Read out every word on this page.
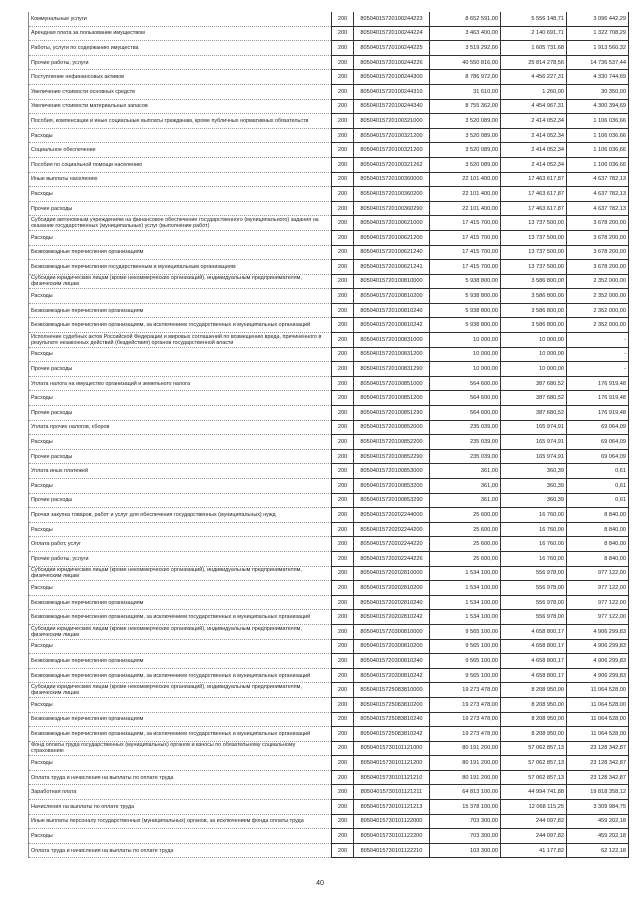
Коммунальные услуги	200	80504015720100244223	8 652 591,00	5 556 148,71	3 096 442,29
Арендная плата за пользование имуществом	200	80504015720100244224	3 463 400,00	2 140 691,71	1 322 708,29
Работы, услуги по содержанию имущества	200	80504015720100244225	3 519 292,00	1 605 731,68	1 913 560,32
Прочие работы, услуги	200	80504015720100244226	40 550 816,00	25 814 278,56	14 736 537,44
Поступление нефинансовых активов	200	80504015720100244300	8 786 972,00	4 456 227,31	4 330 744,69
Увеличение стоимости основных средств	200	80504015720100244310	31 610,00	1 260,00	30 350,00
Увеличение стоимости материальных запасов	200	80504015720100244340	8 755 362,00	4 454 967,31	4 300 394,69
Пособия, компенсации и иные социальные выплаты гражданам, кроме публичных нормативных обязательств	200	80504015720100321000	3 520 089,00	2 414 052,34	1 106 036,66
Расходы	200	80504015720100321200	3 520 089,00	2 414 052,34	1 106 036,66
Социальное обеспечение	200	80504015720100321260	3 520 089,00	2 414 052,34	1 106 036,66
Пособия по социальной помощи населению	200	80504015720100321262	3 520 089,00	2 414 052,34	1 106 036,66
Иные выплаты населению	200	80504015720100360000	22 101 400,00	17 463 617,87	4 637 782,13
Расходы	200	80504015720100360200	22 101 400,00	17 463 617,87	4 637 782,13
Прочие расходы	200	80504015720100360290	22 101 400,00	17 463 617,87	4 637 782,13
Субсидии автономным учреждениям на финансовое обеспечение государственного (муниципального) задания на оказание государственных (муниципальных) услуг (выполнение работ)	200	80504015720100621000	17 415 700,00	13 737 500,00	3 678 200,00
Расходы	200	80504015720100621200	17 415 700,00	13 737 500,00	3 678 200,00
Безвозмездные перечисления организациям	200	80504015720100621240	17 415 700,00	13 737 500,00	3 678 200,00
Безвозмездные перечисления государственным и муниципальным организациям	200	80504015720100621241	17 415 700,00	13 737 500,00	3 678 200,00
Субсидии юридическим лицам (кроме некоммерческих организаций), индивидуальным предпринимателям, физическим лицам	200	80504015720100810000	5 938 800,00	3 586 800,00	2 352 000,00
Расходы	200	80504015720100810200	5 938 800,00	3 586 800,00	2 352 000,00
Безвозмездные перечисления организациям	200	80504015720100810240	5 938 800,00	3 586 800,00	2 352 000,00
Безвозмездные перечисления организациям, за исключением государственных и муниципальных организаций	200	80504015720100810242	5 938 800,00	3 586 800,00	2 352 000,00
Исполнение судебных актов Российской Федерации и мировых соглашений по возмещению вреда, причиненного в результате незаконных действий (бездействия) органов государственной власти	200	80504015720100831000	10 000,00	10 000,00	-
Расходы	200	80504015720100831200	10 000,00	10 000,00	-
Прочие расходы	200	80504015720100831290	10 000,00	10 000,00	-
Уплата налога на имущество организаций и земельного налога	200	80504015720100851000	564 600,00	387 680,52	176 919,48
Расходы	200	80504015720100851200	564 600,00	387 680,52	176 919,48
Прочие расходы	200	80504015720100851290	564 600,00	387 680,52	176 919,48
Уплата прочих налогов, сборов	200	80504015720100852000	235 039,00	165 974,91	69 064,09
Расходы	200	80504015720100852200	235 039,00	165 974,91	69 064,09
Прочие расходы	200	80504015720100852290	235 039,00	165 974,91	69 064,09
Уплата иных платежей	200	80504015720100853000	361,00	360,39	0,61
Расходы	200	80504015720100853200	361,00	360,39	0,61
Прочие расходы	200	80504015720100853290	361,00	360,39	0,61
Прочая закупка товаров, работ и услуг для обеспечения государственных (муниципальных) нужд	200	80504015720202244000	25 600,00	16 760,00	8 840,00
Расходы	200	80504015720202244200	25 600,00	16 760,00	8 840,00
Оплата работ, услуг	200	80504015720202244220	25 600,00	16 760,00	8 840,00
Прочие работы, услуги	200	80504015720202244226	25 600,00	16 760,00	8 840,00
Субсидии юридическим лицам (кроме некоммерческих организаций), индивидуальным предпринимателям, физическим лицам	200	80504015720202810000	1 534 100,00	556 978,00	977 122,00
Расходы	200	80504015720202810200	1 534 100,00	556 978,00	977 122,00
Безвозмездные перечисления организациям	200	80504015720202810240	1 534 100,00	556 978,00	977 122,00
Безвозмездные перечисления организациям, за исключением государственных и муниципальных организаций	200	80504015720202810242	1 534 100,00	556 978,00	977 122,00
Субсидии юридическим лицам (кроме некоммерческих организаций), индивидуальным предпринимателям, физическим лицам	200	80504015720300810000	9 565 100,00	4 658 800,17	4 906 299,83
Расходы	200	80504015720300810200	9 565 100,00	4 658 800,17	4 906 299,83
Безвозмездные перечисления организациям	200	80504015720300810240	9 565 100,00	4 658 800,17	4 906 299,83
Безвозмездные перечисления организациям, за исключением государственных и муниципальных организаций	200	80504015720300810242	9 565 100,00	4 658 800,17	4 906 299,83
Субсидии юридическим лицам (кроме некоммерческих организаций), индивидуальным предпринимателям, физическим лицам	200	80504015725083810000	19 273 478,00	8 208 950,00	11 064 528,00
Расходы	200	80504015725083810200	19 273 478,00	8 208 950,00	11 064 528,00
Безвозмездные перечисления организациям	200	80504015725083810240	19 273 478,00	8 208 950,00	11 064 528,00
Безвозмездные перечисления организациям, за исключением государственных и муниципальных организаций	200	80504015725083810242	19 273 478,00	8 208 950,00	11 064 528,00
Фонд оплаты труда государственных (муниципальных) органов и взносы по обязательному социальному страхованию	200	80504015730101121000	80 191 200,00	57 062 857,13	23 128 342,87
Расходы	200	80504015730101121200	80 191 200,00	57 062 857,13	23 128 342,87
Оплата труда и начисления на выплаты по оплате труда	200	80504015730101121210	80 191 200,00	57 062 857,13	23 128 342,87
Заработная плата	200	80504015730101121211	64 813 100,00	44 994 741,88	19 818 358,12
Начисления на выплаты по оплате труда	200	80504015730101121213	15 378 100,00	12 068 115,25	3 309 984,75
Иные выплаты персоналу государственных (муниципальных) органов, за исключением фонда оплаты труда	200	80504015730101122000	703 300,00	244 097,82	459 202,18
Расходы	200	80504015730101122200	703 300,00	244 097,82	459 202,18
Оплата труда и начисления на выплаты по оплате труда	200	80504015730101122210	103 300,00	41 177,82	62 122,18
40
